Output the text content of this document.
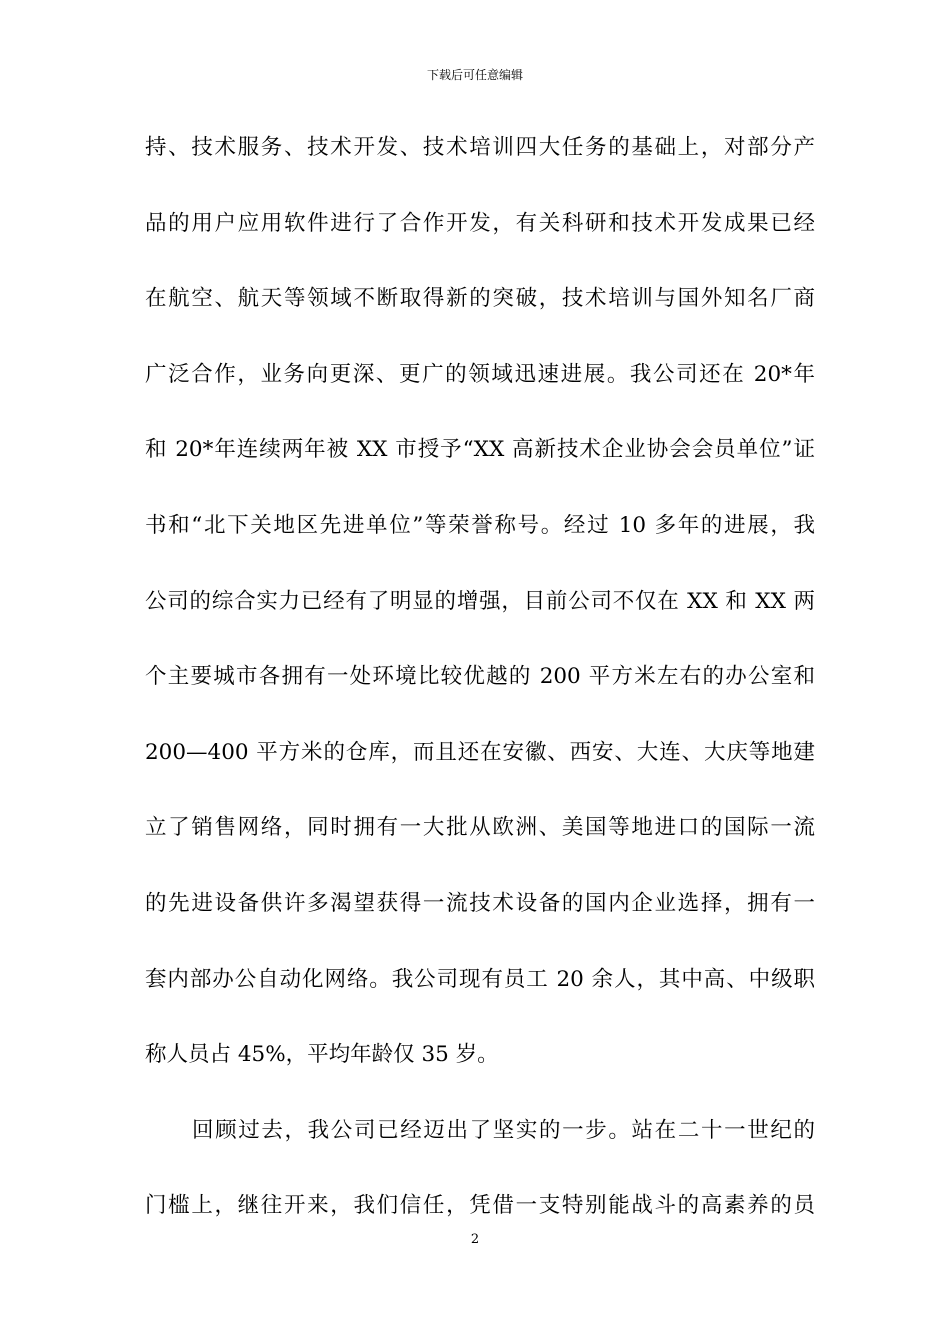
下载后可任意编辑
持、技术服务、技术开发、技术培训四大任务的基础上，对部分产
品的用户应用软件进行了合作开发，有关科研和技术开发成果已经
在航空、航天等领域不断取得新的突破，技术培训与国外知名厂商
广泛合作，业务向更深、更广的领域迅速进展。我公司还在 20*年
和 20*年连续两年被 XX 市授予“XX 高新技术企业协会会员单位”证
书和“北下关地区先进单位”等荣誉称号。经过 10 多年的进展，我
公司的综合实力已经有了明显的增强，目前公司不仅在 XX 和 XX 两
个主要城市各拥有一处环境比较优越的 200 平方米左右的办公室和
200—400 平方米的仓库，而且还在安徽、西安、大连、大庆等地建
立了销售网络，同时拥有一大批从欧洲、美国等地进口的国际一流
的先进设备供许多渴望获得一流技术设备的国内企业选择，拥有一
套内部办公自动化网络。我公司现有员工 20 余人，其中高、中级职
称人员占 45%，平均年龄仅 35 岁。
回顾过去，我公司已经迈出了坚实的一步。站在二十一世纪的
门槛上，继往开来，我们信任，凭借一支特别能战斗的高素养的员
2
